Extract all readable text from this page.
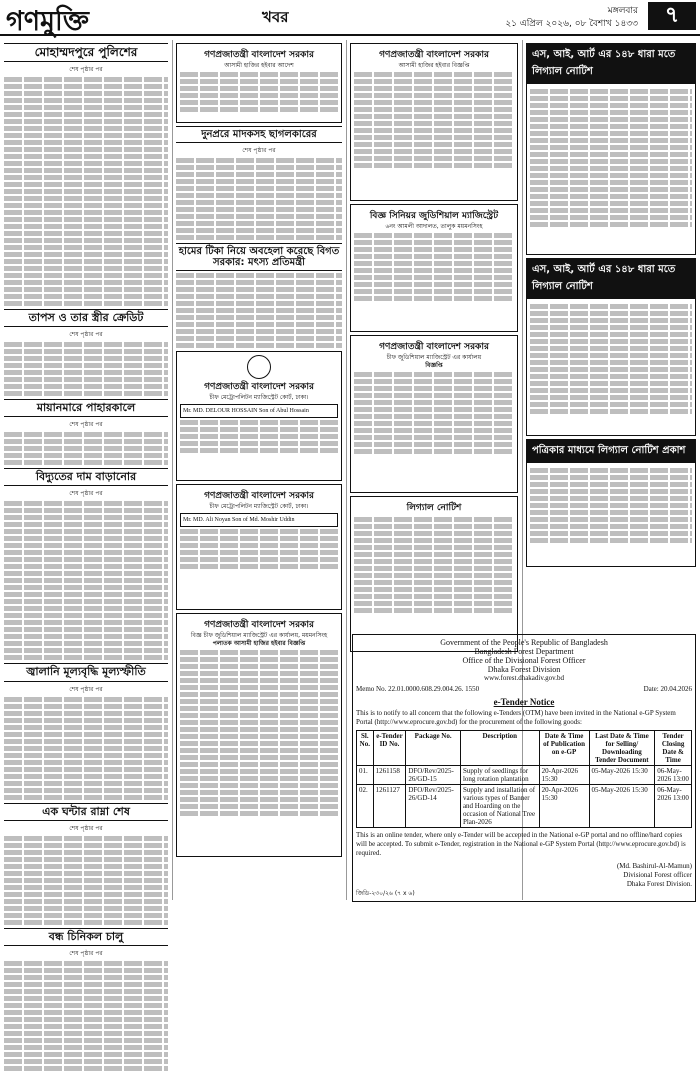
গণমুক্তি	খবর	মঙ্গলবার
২১ এপ্রিল ২০২৬, ০৮ বৈশাখ ১৪৩৩	৭
মোহাম্মদপুরে পুলিশের
শেষ পৃষ্ঠার পর
তাপস ও তার স্ত্রীর ক্রেডিট
শেষ পৃষ্ঠার পর
মায়ানমারে পাহারকালে
শেষ পৃষ্ঠার পর
বিদ্যুতের দাম বাড়ানোর
শেষ পৃষ্ঠার পর
জ্বালানি মূল্যবৃদ্ধি মূল্যস্ফীতি
শেষ পৃষ্ঠার পর
এক ঘন্টার রাম্না শেষ
শেষ পৃষ্ঠার পর
বন্ধ চিনিকল চালু
শেষ পৃষ্ঠার পর
গণপ্রজাতন্ত্রী বাংলাদেশ সরকার
আসামী হাজির হইবার আদেশ
দুনপ্ররে মাদকসহ ছাগলকারের
শেষ পৃষ্ঠার পর
হামের টিকা নিয়ে অবহেলা করেছে বিগত সরকার: মৎস্য প্রতিমন্ত্রী
গণপ্রজাতন্ত্রী বাংলাদেশ সরকার
চীফ মেট্রোপলিটন ম্যাজিস্ট্রেট কোর্ট, ঢাকা।
Mr. MD. DELOUR HOSSAIN Son of Abul Hossain
গণপ্রজাতন্ত্রী বাংলাদেশ সরকার
চীফ মেট্রোপলিটন ম্যাজিস্ট্রেট কোর্ট, ঢাকা।
Mr. MD. Ali Noyan Son of Md. Moshir Uddin
গণপ্রজাতন্ত্রী বাংলাদেশ সরকার
বিজ্ঞ চীফ জুডিশিয়াল ম্যাজিস্ট্রেট এর কার্যালয়, ময়মনসিংহ
পলাতক আসামী হাজির হইবার বিজ্ঞপ্তি
গণপ্রজাতন্ত্রী বাংলাদেশ সরকার
আসামী হাজির হইবার বিজ্ঞপ্তি
বিজ্ঞ সিনিয়র জুডিশিয়াল ম্যাজিস্ট্রেট
৬নং আমলী আদালত, তালুক ময়মনসিংহ
গণপ্রজাতন্ত্রী বাংলাদেশ সরকার
চীফ জুডিশিয়াল ম্যাজিস্ট্রেট এর কার্যালয়
বিজ্ঞপ্তি
লিগ্যাল নোটিশ
এস, আই, আর্ট এর ১৪৮ ধারা মতে লিগ্যাল নোটিশ
এস, আই, আর্ট এর ১৪৮ ধারা মতে লিগ্যাল নোটিশ
পত্রিকার মাধ্যমে লিগ্যাল নোটিশ প্রকাশ
Government of the People's Republic of Bangladesh
Bangladesh Forest Department
Office of the Divisional Forest Officer
Dhaka Forest Division
www.forest.dhakadiv.gov.bd
Memo No. 22.01.0000.608.29.004.26. 1550	Date: 20.04.2026
e-Tender Notice
This is to notify to all concern that the following e-Tenders (OTM) have been invited in the National e-GP System Portal (http://www.eprocure.gov.bd) for the procurement of the following goods:
Sl. No.	e-Tender ID No.	Package No.	Description	Date & Time of Publication on e-GP	Last Date & Time for Selling/ Downloading Tender Document	Tender Closing Date & Time
01.	1261158	DFO/Rev/2025-26/GD-15	Supply of seedlings for long rotation plantation	20-Apr-2026 15:30	05-May-2026 15:30	06-May-2026 13:00
02.	1261127	DFO/Rev/2025-26/GD-14	Supply and installation of various types of Banner and Hoarding on the occasion of National Tree Plan-2026	20-Apr-2026 15:30	05-May-2026 15:30	06-May-2026 13:00
This is an online tender, where only e-Tender will be accepted in the National e-GP portal and no offline/hard copies will be accepted. To submit e-Tender, registration in the National e-GP System Portal (http://www.eprocure.gov.bd) is required.
(Md. Bashirul-Al-Mamun)
Divisional Forest officer
Dhaka Forest Division.
জিডি-২৩০/২৬ (৭ x ৬)
